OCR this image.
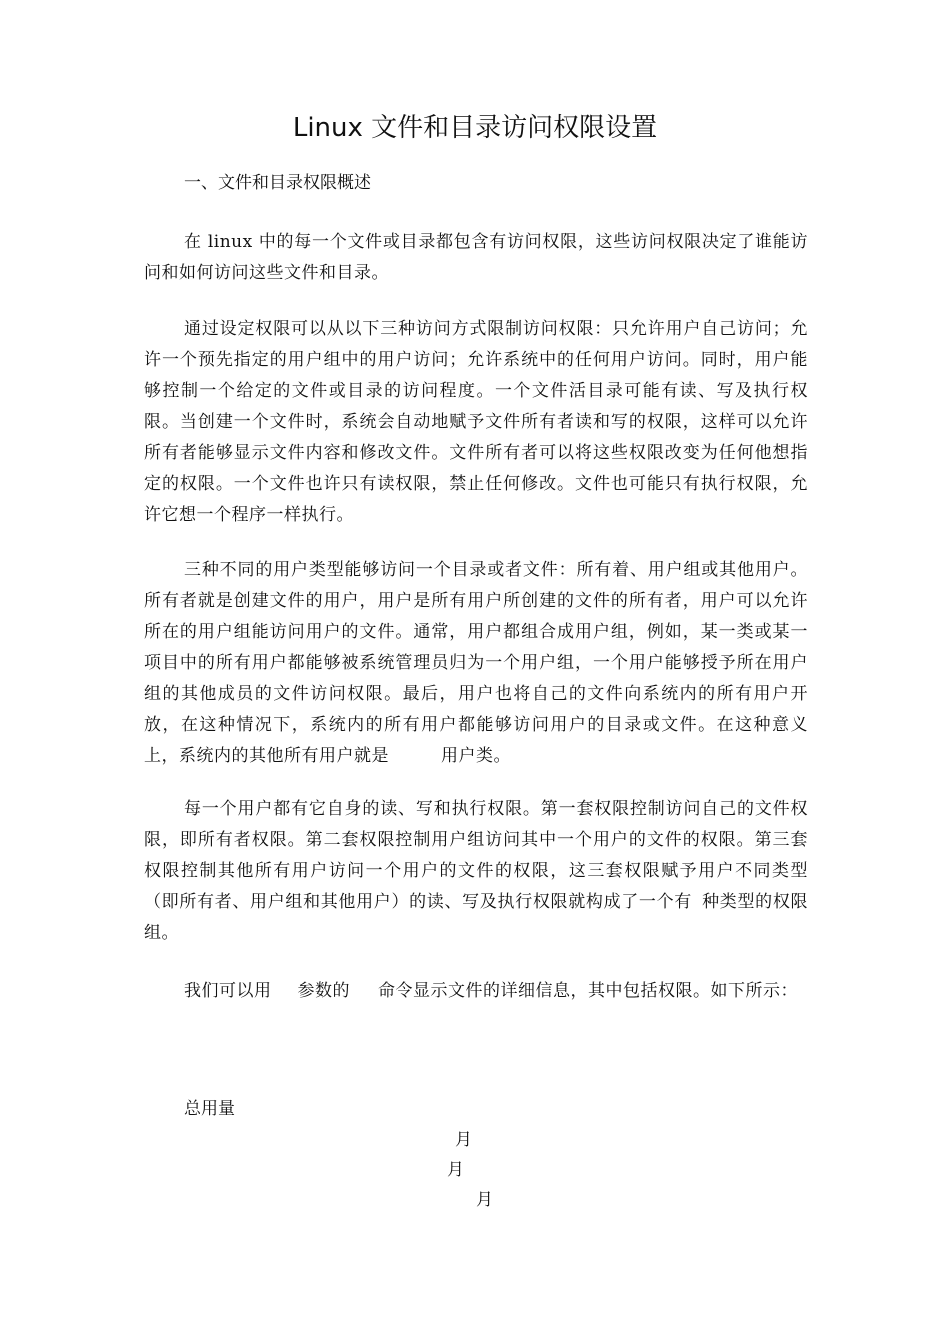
Linux 文件和目录访问权限设置
一、文件和目录权限概述

在 linux 中的每一个文件或目录都包含有访问权限，这些访问权限决定了谁能访问和如何访问这些文件和目录。

通过设定权限可以从以下三种访问方式限制访问权限：只允许用户自己访问；允许一个预先指定的用户组中的用户访问；允许系统中的任何用户访问。同时，用户能够控制一个给定的文件或目录的访问程度。一个文件活目录可能有读、写及执行权限。当创建一个文件时，系统会自动地赋予文件所有者读和写的权限，这样可以允许所有者能够显示文件内容和修改文件。文件所有者可以将这些权限改变为任何他想指定的权限。一个文件也许只有读权限，禁止任何修改。文件也可能只有执行权限，允许它想一个程序一样执行。

三种不同的用户类型能够访问一个目录或者文件：所有着、用户组或其他用户。所有者就是创建文件的用户，用户是所有用户所创建的文件的所有者，用户可以允许所在的用户组能访问用户的文件。通常，用户都组合成用户组，例如，某一类或某一项目中的所有用户都能够被系统管理员归为一个用户组，一个用户能够授予所在用户组的其他成员的文件访问权限。最后，用户也将自己的文件向系统内的所有用户开放，在这种情况下，系统内的所有用户都能够访问用户的目录或文件。在这种意义上，系统内的其他所有用户就是	用户类。

每一个用户都有它自身的读、写和执行权限。第一套权限控制访问自己的文件权限，即所有者权限。第二套权限控制用户组访问其中一个用户的文件的权限。第三套权限控制其他所有用户访问一个用户的文件的权限，这三套权限赋予用户不同类型（即所有者、用户组和其他用户）的读、写及执行权限就构成了一个有 种类型的权限组。

我们可以用 参数的 命令显示文件的详细信息，其中包括权限。如下所示：

总用量
月
月
月
